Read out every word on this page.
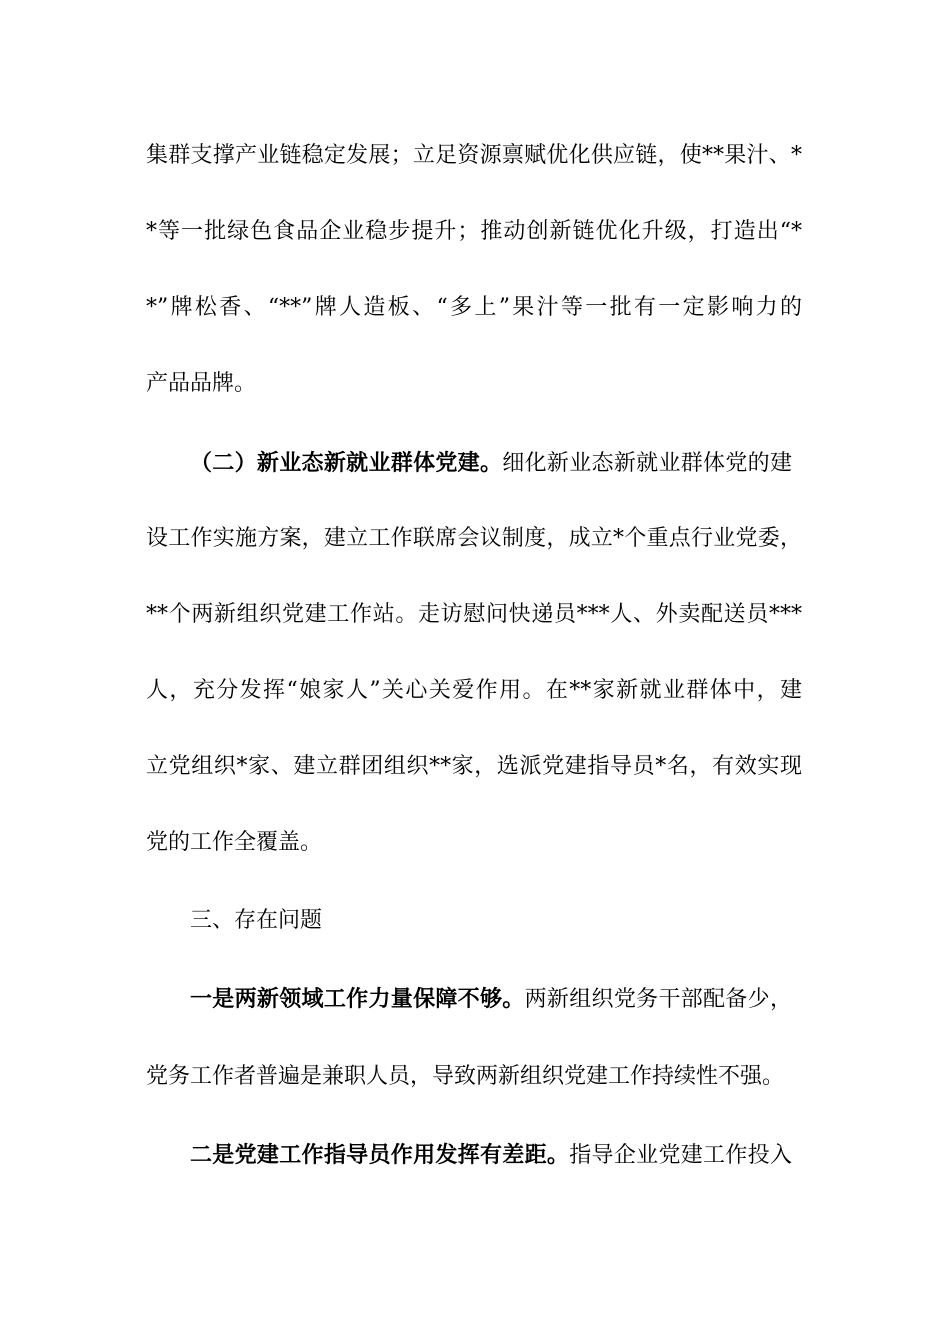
集群支撑产业链稳定发展；立足资源禀赋优化供应链，使**果汁、*
*等一批绿色食品企业稳步提升；推动创新链优化升级，打造出“*
*”牌松香、“**”牌人造板、“多上”果汁等一批有一定影响力的
产品品牌。
（二）新业态新就业群体党建。细化新业态新就业群体党的建
设工作实施方案，建立工作联席会议制度，成立*个重点行业党委，
**个两新组织党建工作站。走访慰问快递员***人、外卖配送员***
人，充分发挥“娘家人”关心关爱作用。在**家新就业群体中，建
立党组织*家、建立群团组织**家，选派党建指导员*名，有效实现
党的工作全覆盖。
三、存在问题
一是两新领域工作力量保障不够。两新组织党务干部配备少，
党务工作者普遍是兼职人员，导致两新组织党建工作持续性不强。
二是党建工作指导员作用发挥有差距。指导企业党建工作投入
